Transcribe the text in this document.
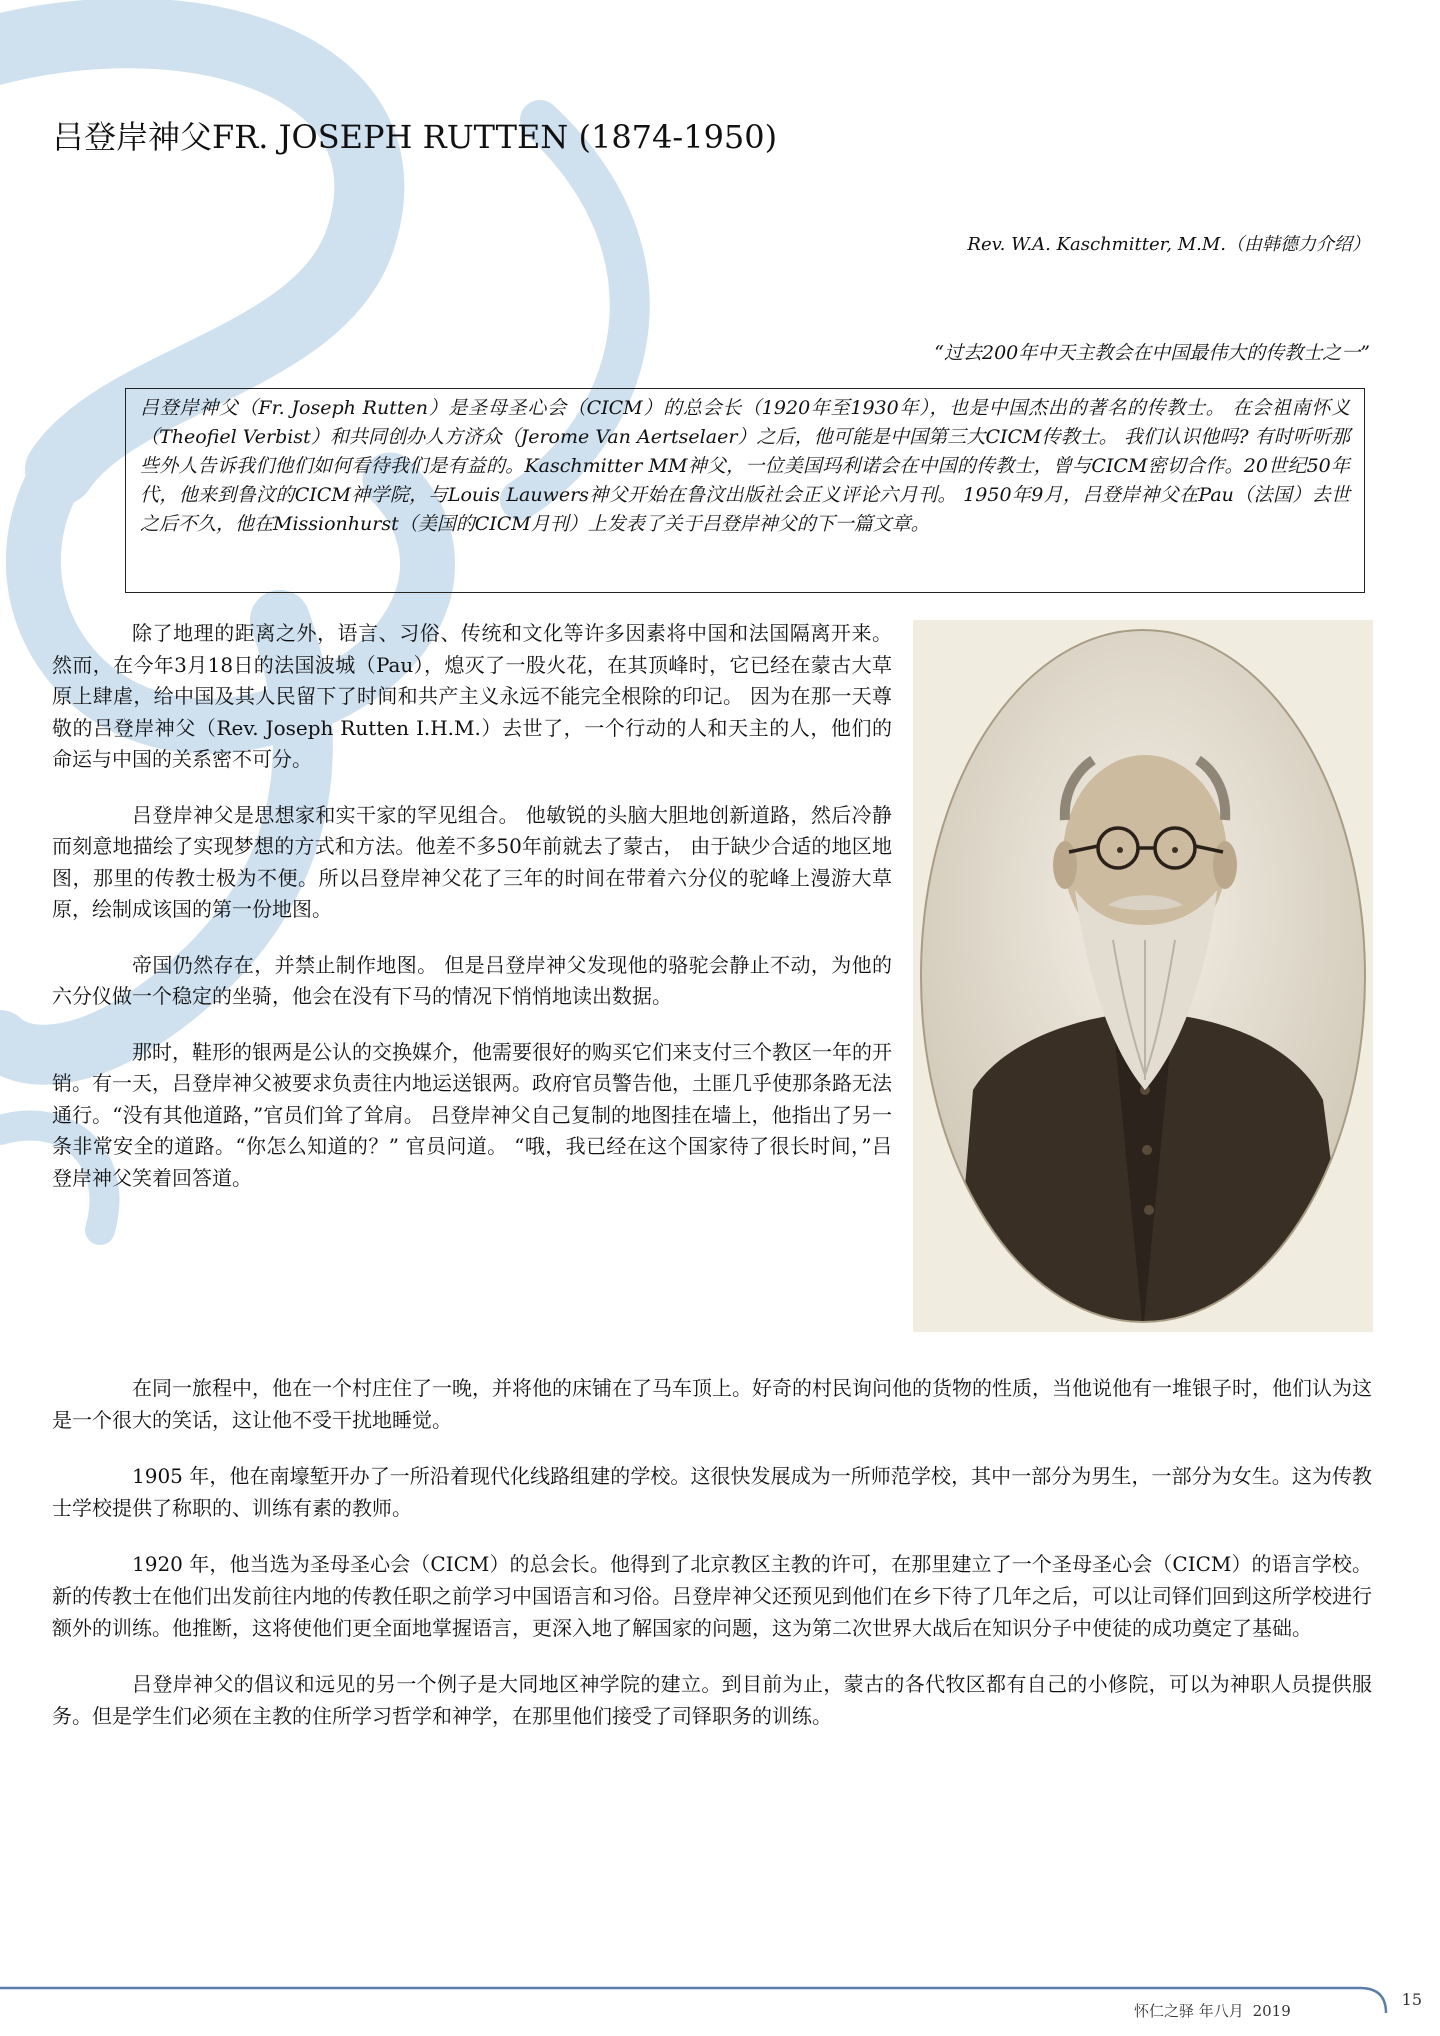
吕登岸神父FR. JOSEPH RUTTEN (1874-1950)
Rev. W.A. Kaschmitter, M.M.（由韩德力介绍）
“过去200年中天主教会在中国最伟大的传教士之一”

吕登岸神父（Fr. Joseph Rutten）是圣母圣心会（CICM）的总会长（1920年至1930年），也是中国杰出的著名的传教士。 在会祖南怀义（Theofiel Verbist）和共同创办人方济众（Jerome Van Aertselaer）之后，他可能是中国第三大CICM传教士。 我们认识他吗? 有时听听那些外人告诉我们他们如何看待我们是有益的。Kaschmitter MM神父，一位美国玛利诺会在中国的传教士，曾与CICM密切合作。20世纪50年代，他来到鲁汶的CICM神学院，与Louis Lauwers神父开始在鲁汶出版社会正义评论六月刊。 1950年9月，吕登岸神父在Pau（法国）去世之后不久，他在Missionhurst（美国的CICM月刊）上发表了关于吕登岸神父的下一篇文章。

除了地理的距离之外，语言、习俗、传统和文化等许多因素将中国和法国隔离开来。 然而，在今年3月18日的法国波城（Pau），熄灭了一股火花，在其顶峰时，它已经在蒙古大草原上肆虐，给中国及其人民留下了时间和共产主义永远不能完全根除的印记。 因为在那一天尊敬的吕登岸神父（Rev. Joseph Rutten I.H.M.）去世了，一个行动的人和天主的人，他们的命运与中国的关系密不可分。

吕登岸神父是思想家和实干家的罕见组合。 他敏锐的头脑大胆地创新道路，然后冷静而刻意地描绘了实现梦想的方式和方法。他差不多50年前就去了蒙古， 由于缺少合适的地区地图，那里的传教士极为不便。所以吕登岸神父花了三年的时间在带着六分仪的驼峰上漫游大草原，绘制成该国的第一份地图。

帝国仍然存在，并禁止制作地图。 但是吕登岸神父发现他的骆驼会静止不动，为他的六分仪做一个稳定的坐骑，他会在没有下马的情况下悄悄地读出数据。

那时，鞋形的银两是公认的交换媒介，他需要很好的购买它们来支付三个教区一年的开销。有一天，吕登岸神父被要求负责往内地运送银两。政府官员警告他，土匪几乎使那条路无法通行。“没有其他道路，”官员们耸了耸肩。 吕登岸神父自己复制的地图挂在墙上，他指出了另一条非常安全的道路。“你怎么知道的？” 官员问道。 “哦，我已经在这个国家待了很长时间，”吕登岸神父笑着回答道。

在同一旅程中，他在一个村庄住了一晚，并将他的床铺在了马车顶上。好奇的村民询问他的货物的性质，当他说他有一堆银子时，他们认为这是一个很大的笑话，这让他不受干扰地睡觉。

1905 年，他在南壕堑开办了一所沿着现代化线路组建的学校。这很快发展成为一所师范学校，其中一部分为男生，一部分为女生。这为传教士学校提供了称职的、训练有素的教师。

1920 年，他当选为圣母圣心会（CICM）的总会长。他得到了北京教区主教的许可，在那里建立了一个圣母圣心会（CICM）的语言学校。新的传教士在他们出发前往内地的传教任职之前学习中国语言和习俗。吕登岸神父还预见到他们在乡下待了几年之后，可以让司铎们回到这所学校进行额外的训练。他推断，这将使他们更全面地掌握语言，更深入地了解国家的问题，这为第二次世界大战后在知识分子中使徒的成功奠定了基础。

吕登岸神父的倡议和远见的另一个例子是大同地区神学院的建立。到目前为止，蒙古的各代牧区都有自己的小修院，可以为神职人员提供服务。但是学生们必须在主教的住所学习哲学和神学，在那里他们接受了司铎职务的训练。

怀仁之驿 年八月 2019
15
